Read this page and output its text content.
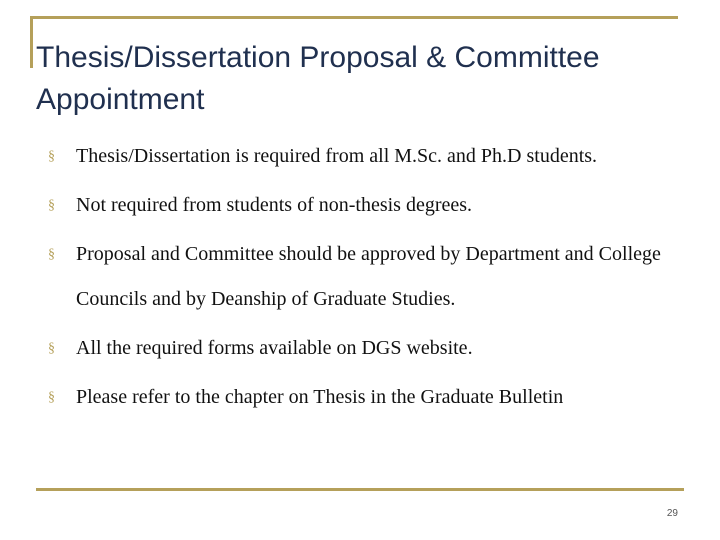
Thesis/Dissertation Proposal & Committee
Appointment
§	Thesis/Dissertation is required from all M.Sc. and Ph.D students.
§	Not required from students of non-thesis degrees.
§	Proposal and Committee should be approved by Department and College Councils and by Deanship of Graduate Studies.
§	All the required forms available on DGS website.
§	Please refer to the chapter on Thesis in the Graduate Bulletin
29
